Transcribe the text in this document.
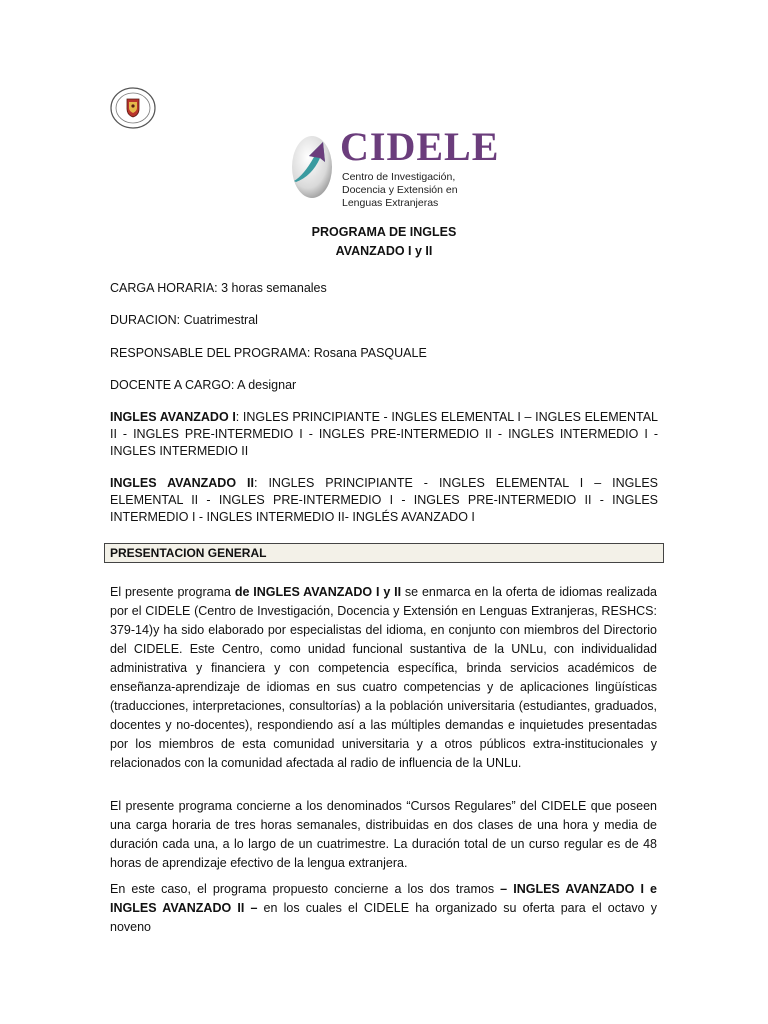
CIDELE
Centro de Investigación, Docencia y Extensión en Lenguas Extranjeras
PROGRAMA DE INGLES
AVANZADO I y II
CARGA HORARIA: 3 horas semanales
DURACION: Cuatrimestral
RESPONSABLE DEL PROGRAMA: Rosana PASQUALE
DOCENTE A CARGO: A designar
INGLES AVANZADO I: INGLES PRINCIPIANTE - INGLES ELEMENTAL I – INGLES ELEMENTAL II - INGLES PRE-INTERMEDIO I - INGLES PRE-INTERMEDIO II - INGLES INTERMEDIO I - INGLES INTERMEDIO II
INGLES AVANZADO II: INGLES PRINCIPIANTE - INGLES ELEMENTAL I – INGLES ELEMENTAL II - INGLES PRE-INTERMEDIO I - INGLES PRE-INTERMEDIO II - INGLES INTERMEDIO I - INGLES INTERMEDIO II- INGLÉS AVANZADO I
PRESENTACION GENERAL
El presente programa de INGLES AVANZADO I y II se enmarca en la oferta de idiomas realizada por el CIDELE (Centro de Investigación, Docencia y Extensión en Lenguas Extranjeras, RESHCS: 379-14)y ha sido elaborado por especialistas del idioma, en conjunto con miembros del Directorio del CIDELE. Este Centro, como unidad funcional sustantiva de la UNLu, con individualidad administrativa y financiera y con competencia específica, brinda servicios académicos de enseñanza-aprendizaje de idiomas en sus cuatro competencias y de aplicaciones lingüísticas (traducciones, interpretaciones, consultorías) a la población universitaria (estudiantes, graduados, docentes y no-docentes), respondiendo así a las múltiples demandas e inquietudes presentadas por los miembros de esta comunidad universitaria y a otros públicos extra-institucionales y relacionados con la comunidad afectada al radio de influencia de la UNLu.
El presente programa concierne a los denominados “Cursos Regulares” del CIDELE que poseen una carga horaria de tres horas semanales, distribuidas en dos clases de una hora y media de duración cada una, a lo largo de un cuatrimestre. La duración total de un curso regular es de 48 horas de aprendizaje efectivo de la lengua extranjera.
En este caso, el programa propuesto concierne a los dos tramos – INGLES AVANZADO I e INGLES AVANZADO II – en los cuales el CIDELE ha organizado su oferta para el octavo y noveno
